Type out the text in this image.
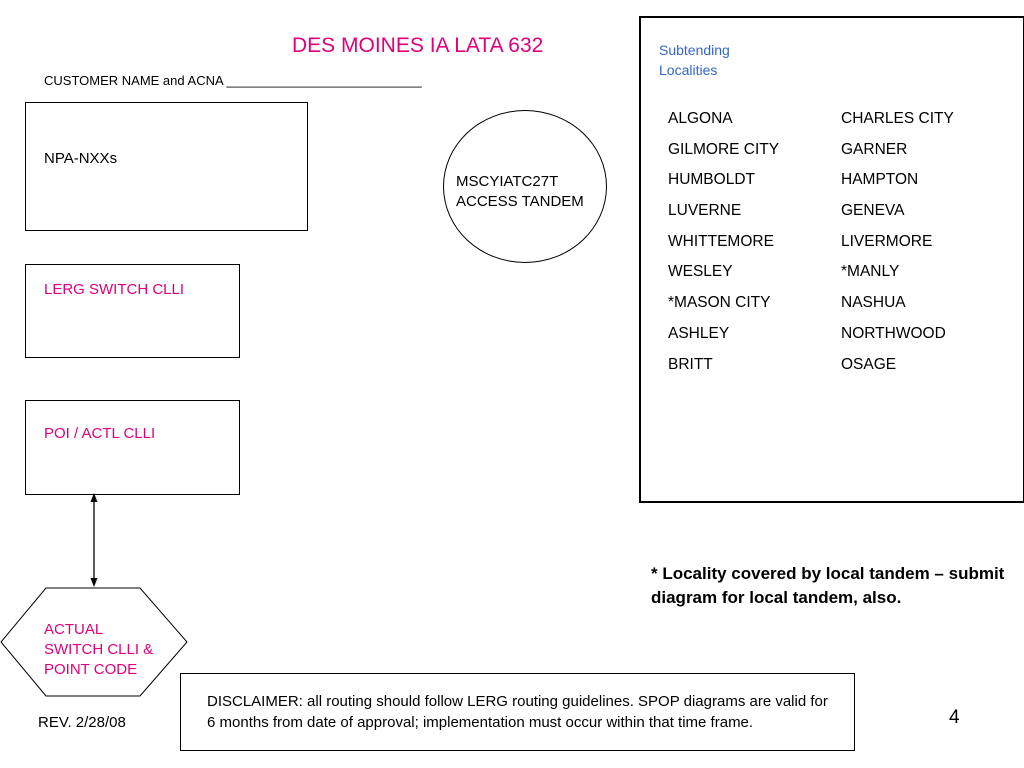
DES MOINES IA LATA 632
CUSTOMER NAME and ACNA ___________________________
NPA-NXXs
LERG SWITCH CLLI
POI / ACTL CLLI
MSCYIATC27T
ACCESS TANDEM
Subtending Localities
ALGONA
GILMORE CITY
HUMBOLDT
LUVERNE
WHITTEMORE
WESLEY
*MASON CITY
ASHLEY
BRITT
CHARLES CITY
GARNER
HAMPTON
GENEVA
LIVERMORE
*MANLY
NASHUA
NORTHWOOD
OSAGE
* Locality covered by local tandem – submit diagram for local tandem, also.
ACTUAL SWITCH CLLI & POINT CODE
REV. 2/28/08
DISCLAIMER: all routing should follow LERG routing guidelines. SPOP diagrams are valid for 6 months from date of approval; implementation must occur within that time frame.	4
